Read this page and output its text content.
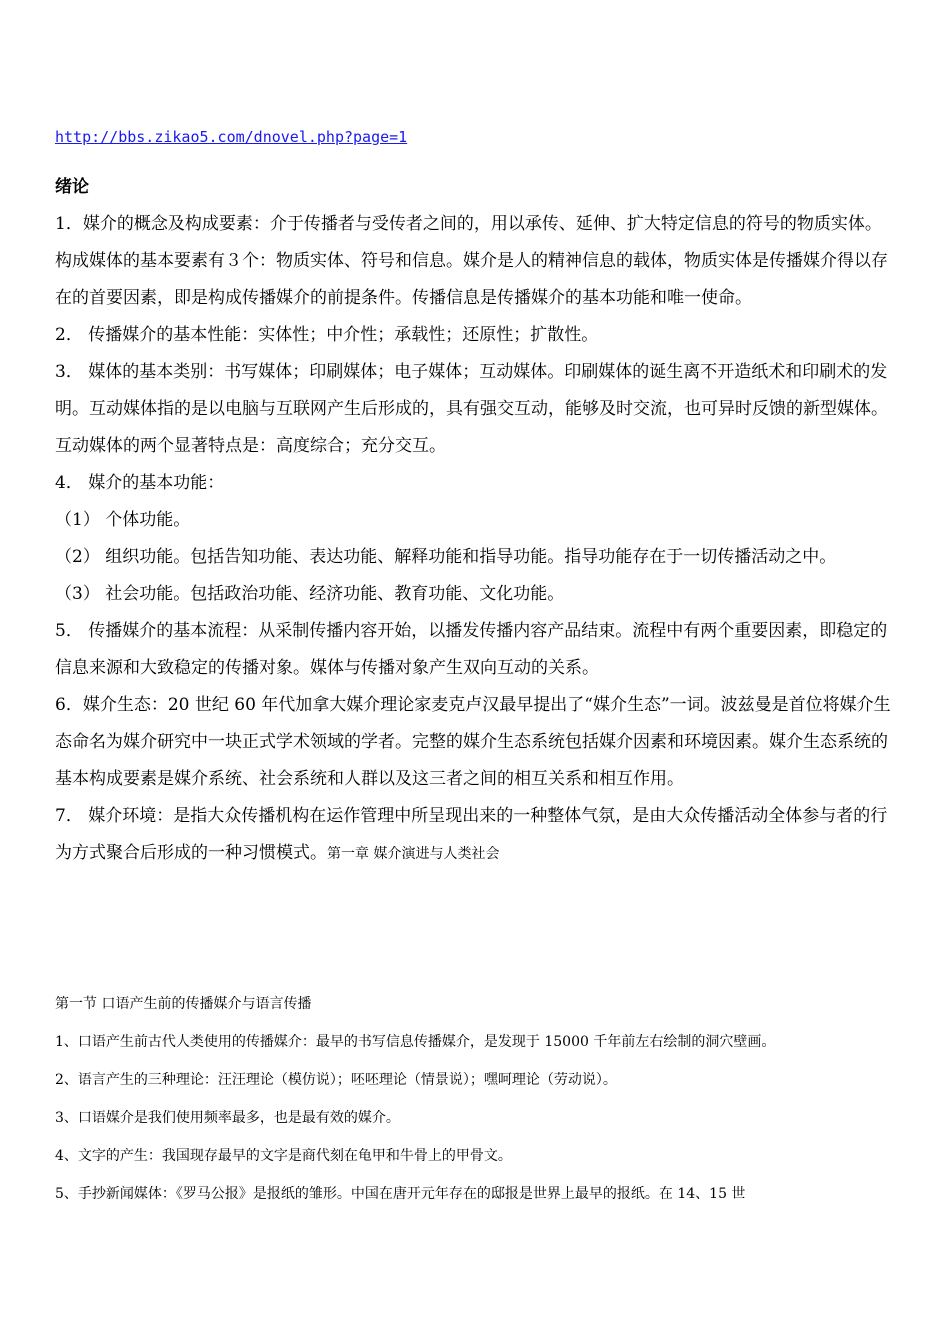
http://bbs.zikao5.com/dnovel.php?page=1
绪论

1．媒介的概念及构成要素：介于传播者与受传者之间的，用以承传、延伸、扩大特定信息的符号的物质实体。构成媒体的基本要素有３个：物质实体、符号和信息。媒介是人的精神信息的载体，物质实体是传播媒介得以存在的首要因素，即是构成传播媒介的前提条件。传播信息是传播媒介的基本功能和唯一使命。

2． 传播媒介的基本性能：实体性；中介性；承载性；还原性；扩散性。

3． 媒体的基本类别：书写媒体；印刷媒体；电子媒体；互动媒体。印刷媒体的诞生离不开造纸术和印刷术的发明。互动媒体指的是以电脑与互联网产生后形成的，具有强交互动，能够及时交流，也可异时反馈的新型媒体。互动媒体的两个显著特点是：高度综合；充分交互。

4． 媒介的基本功能：

（1） 个体功能。

（2） 组织功能。包括告知功能、表达功能、解释功能和指导功能。指导功能存在于一切传播活动之中。

（3） 社会功能。包括政治功能、经济功能、教育功能、文化功能。

5． 传播媒介的基本流程：从采制传播内容开始，以播发传播内容产品结束。流程中有两个重要因素，即稳定的信息来源和大致稳定的传播对象。媒体与传播对象产生双向互动的关系。

6．媒介生态：20 世纪 60 年代加拿大媒介理论家麦克卢汉最早提出了“媒介生态”一词。波兹曼是首位将媒介生态命名为媒介研究中一块正式学术领域的学者。完整的媒介生态系统包括媒介因素和环境因素。媒介生态系统的基本构成要素是媒介系统、社会系统和人群以及这三者之间的相互关系和相互作用。

7． 媒介环境：是指大众传播机构在运作管理中所呈现出来的一种整体气氛，是由大众传播活动全体参与者的行为方式聚合后形成的一种习惯模式。第一章 媒介演进与人类社会

第一节 口语产生前的传播媒介与语言传播

1、口语产生前古代人类使用的传播媒介：最早的书写信息传播媒介，是发现于 15000 千年前左右绘制的洞穴壁画。

2、语言产生的三种理论：汪汪理论（模仿说）；呸呸理论（情景说）；嘿呵理论（劳动说）。

3、口语媒介是我们使用频率最多，也是最有效的媒介。

4、文字的产生：我国现存最早的文字是商代刻在龟甲和牛骨上的甲骨文。

5、手抄新闻媒体：《罗马公报》是报纸的雏形。中国在唐开元年存在的邸报是世界上最早的报纸。在 14、15 世
